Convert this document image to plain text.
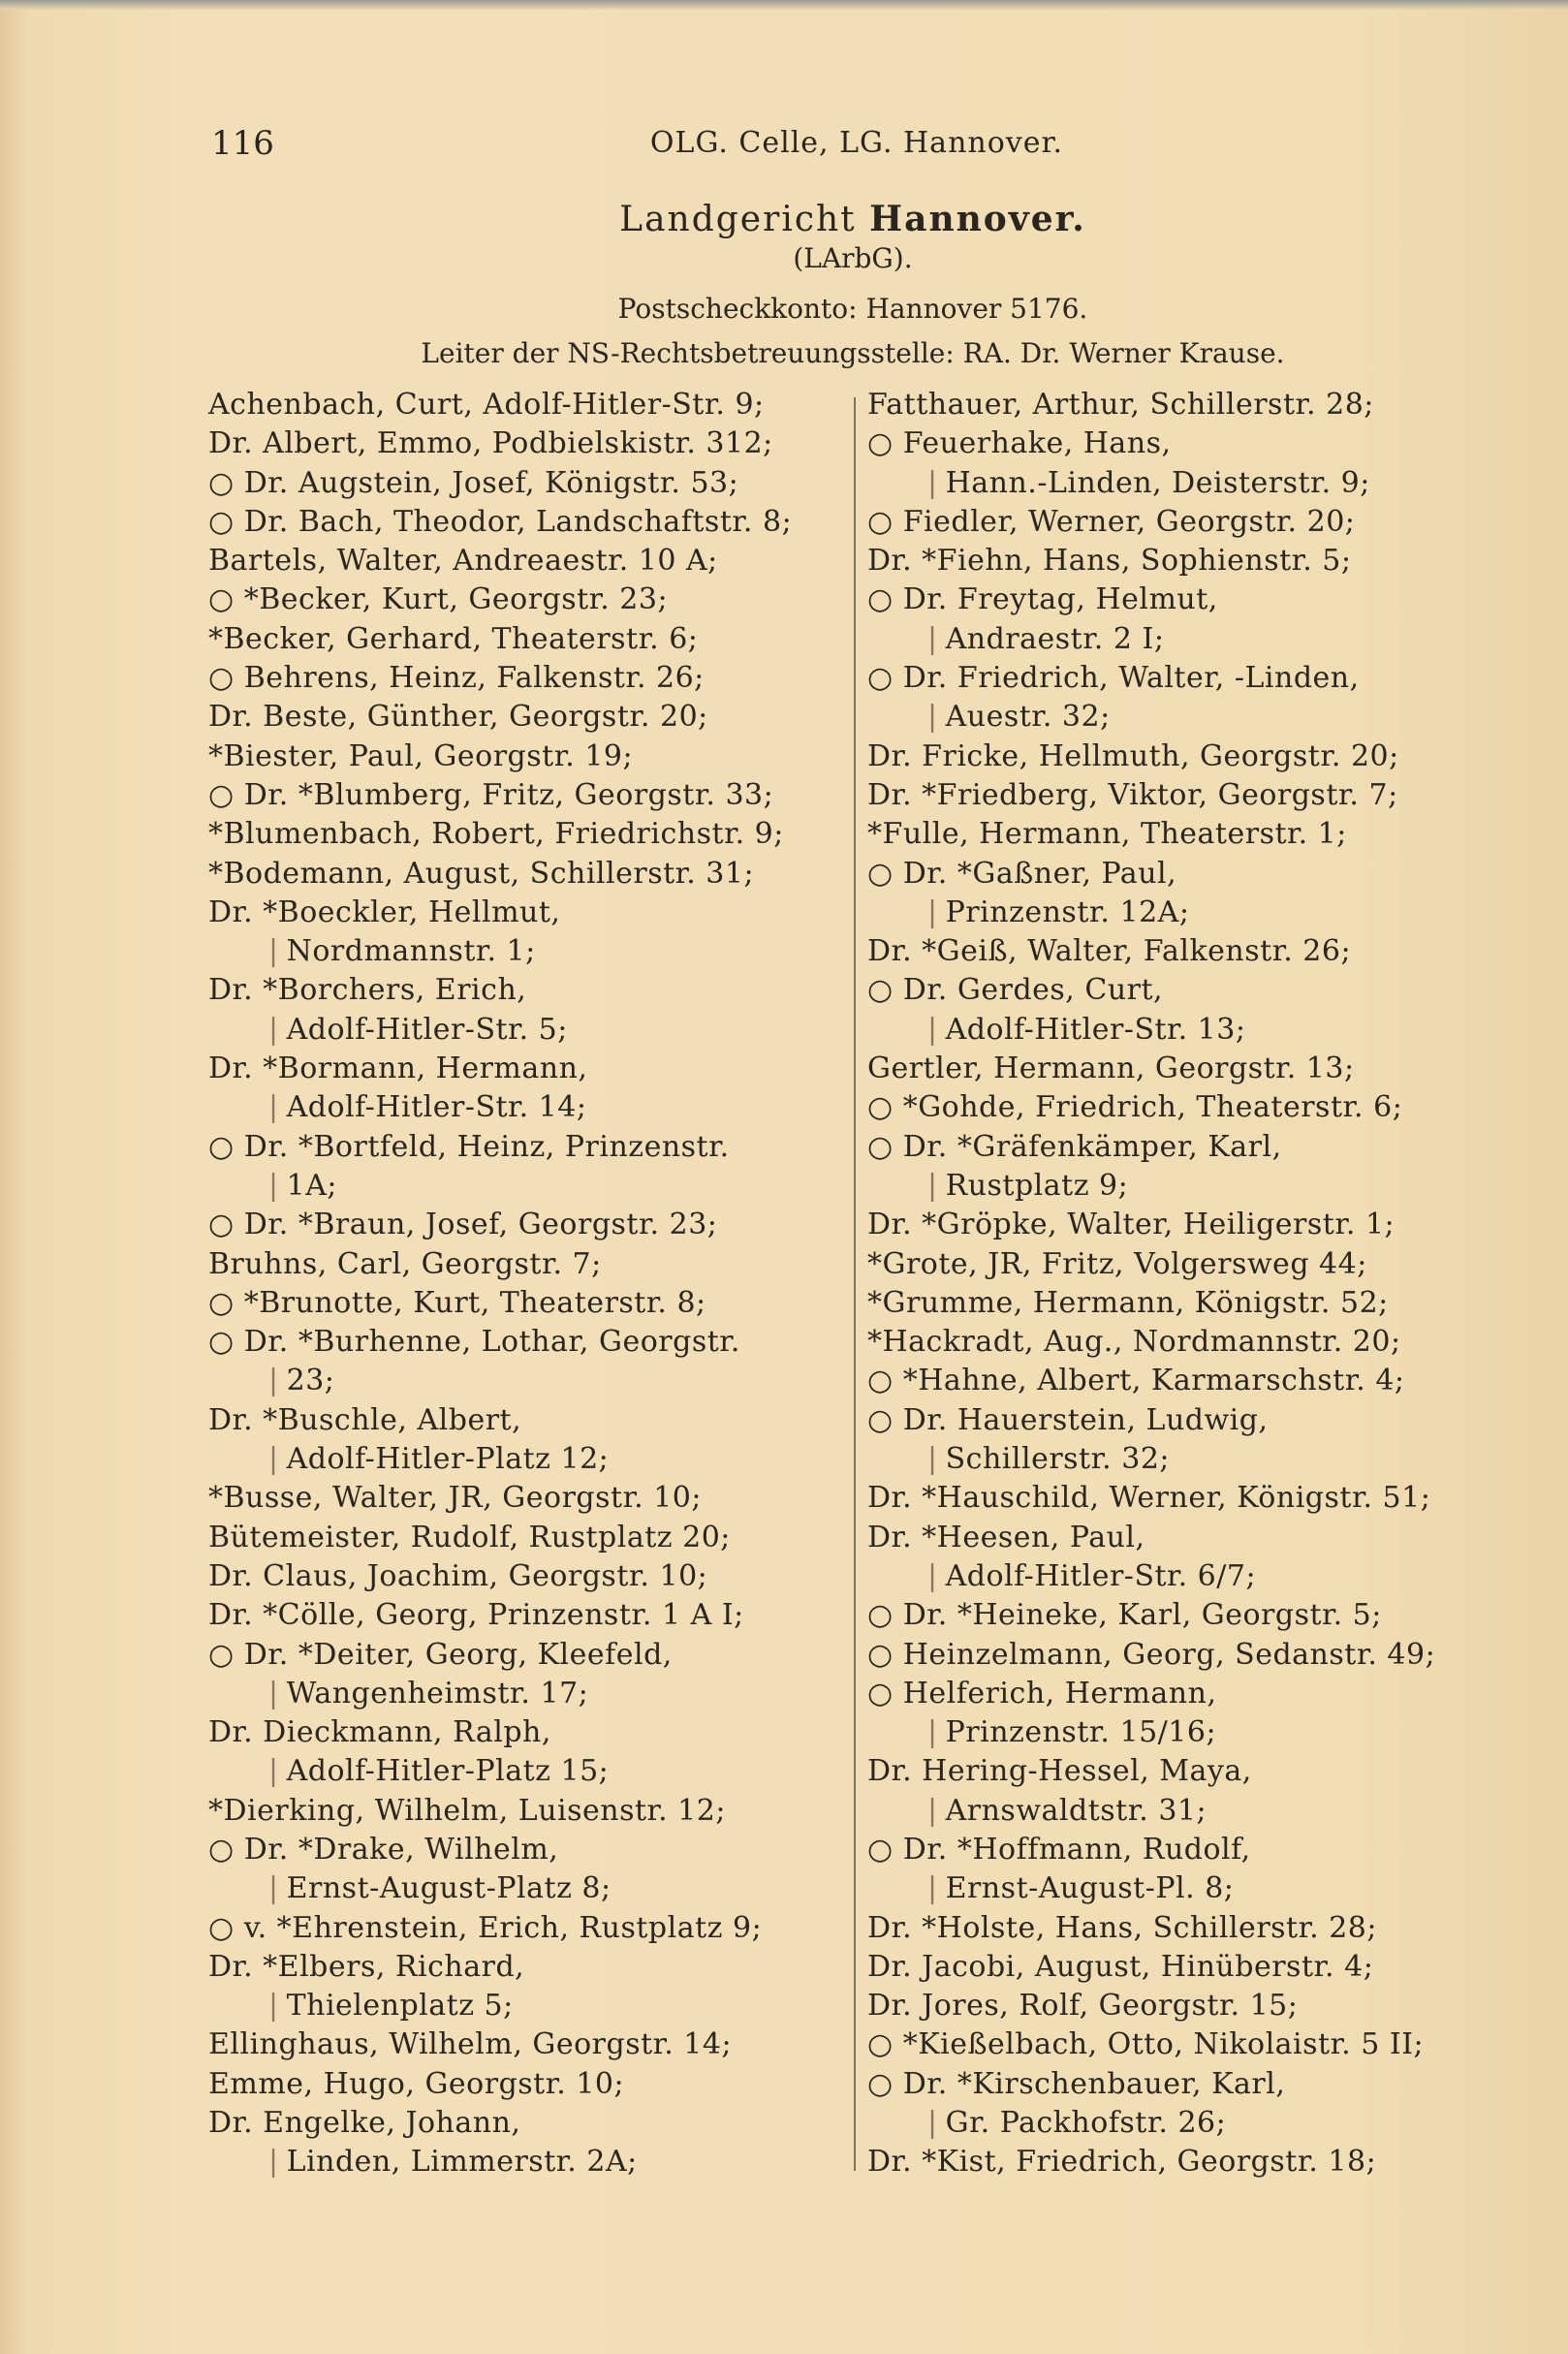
116	OLG. Celle, LG. Hannover.
Landgericht Hannover.
(LArbG).
Postscheckkonto: Hannover 5176.
Leiter der NS-Rechtsbetreuungsstelle: RA. Dr. Werner Krause.
Achenbach, Curt, Adolf-Hitler-Str. 9;
Dr. Albert, Emmo, Podbielskistr. 312;
○ Dr. Augstein, Josef, Königstr. 53;
○ Dr. Bach, Theodor, Landschaftstr. 8;
Bartels, Walter, Andreaestr. 10 A;
○ *Becker, Kurt, Georgstr. 23;
*Becker, Gerhard, Theaterstr. 6;
○ Behrens, Heinz, Falkenstr. 26;
Dr. Beste, Günther, Georgstr. 20;
*Biester, Paul, Georgstr. 19;
○ Dr. *Blumberg, Fritz, Georgstr. 33;
*Blumenbach, Robert, Friedrichstr. 9;
*Bodemann, August, Schillerstr. 31;
Dr. *Boeckler, Hellmut,
|Nordmannstr. 1;
Dr. *Borchers, Erich,
|Adolf-Hitler-Str. 5;
Dr. *Bormann, Hermann,
|Adolf-Hitler-Str. 14;
○ Dr. *Bortfeld, Heinz, Prinzenstr.
|1A;
○ Dr. *Braun, Josef, Georgstr. 23;
Bruhns, Carl, Georgstr. 7;
○ *Brunotte, Kurt, Theaterstr. 8;
○ Dr. *Burhenne, Lothar, Georgstr.
|23;
Dr. *Buschle, Albert,
|Adolf-Hitler-Platz 12;
*Busse, Walter, JR, Georgstr. 10;
Bütemeister, Rudolf, Rustplatz 20;
Dr. Claus, Joachim, Georgstr. 10;
Dr. *Cölle, Georg, Prinzenstr. 1 A I;
○ Dr. *Deiter, Georg, Kleefeld,
|Wangenheimstr. 17;
Dr. Dieckmann, Ralph,
|Adolf-Hitler-Platz 15;
*Dierking, Wilhelm, Luisenstr. 12;
○ Dr. *Drake, Wilhelm,
|Ernst-August-Platz 8;
○ v. *Ehrenstein, Erich, Rustplatz 9;
Dr. *Elbers, Richard,
|Thielenplatz 5;
Ellinghaus, Wilhelm, Georgstr. 14;
Emme, Hugo, Georgstr. 10;
Dr. Engelke, Johann,
|Linden, Limmerstr. 2A;
Fatthauer, Arthur, Schillerstr. 28;
○ Feuerhake, Hans,
|Hann.-Linden, Deisterstr. 9;
○ Fiedler, Werner, Georgstr. 20;
Dr. *Fiehn, Hans, Sophienstr. 5;
○ Dr. Freytag, Helmut,
|Andraestr. 2 I;
○ Dr. Friedrich, Walter, -Linden,
|Auestr. 32;
Dr. Fricke, Hellmuth, Georgstr. 20;
Dr. *Friedberg, Viktor, Georgstr. 7;
*Fulle, Hermann, Theaterstr. 1;
○ Dr. *Gaßner, Paul,
|Prinzenstr. 12A;
Dr. *Geiß, Walter, Falkenstr. 26;
○ Dr. Gerdes, Curt,
|Adolf-Hitler-Str. 13;
Gertler, Hermann, Georgstr. 13;
○ *Gohde, Friedrich, Theaterstr. 6;
○ Dr. *Gräfenkämper, Karl,
|Rustplatz 9;
Dr. *Gröpke, Walter, Heiligerstr. 1;
*Grote, JR, Fritz, Volgersweg 44;
*Grumme, Hermann, Königstr. 52;
*Hackradt, Aug., Nordmannstr. 20;
○ *Hahne, Albert, Karmarschstr. 4;
○ Dr. Hauerstein, Ludwig,
|Schillerstr. 32;
Dr. *Hauschild, Werner, Königstr. 51;
Dr. *Heesen, Paul,
|Adolf-Hitler-Str. 6/7;
○ Dr. *Heineke, Karl, Georgstr. 5;
○ Heinzelmann, Georg, Sedanstr. 49;
○ Helferich, Hermann,
|Prinzenstr. 15/16;
Dr. Hering-Hessel, Maya,
|Arnswaldtstr. 31;
○ Dr. *Hoffmann, Rudolf,
|Ernst-August-Pl. 8;
Dr. *Holste, Hans, Schillerstr. 28;
Dr. Jacobi, August, Hinüberstr. 4;
Dr. Jores, Rolf, Georgstr. 15;
○ *Kießelbach, Otto, Nikolaistr. 5 II;
○ Dr. *Kirschenbauer, Karl,
|Gr. Packhofstr. 26;
Dr. *Kist, Friedrich, Georgstr. 18;
